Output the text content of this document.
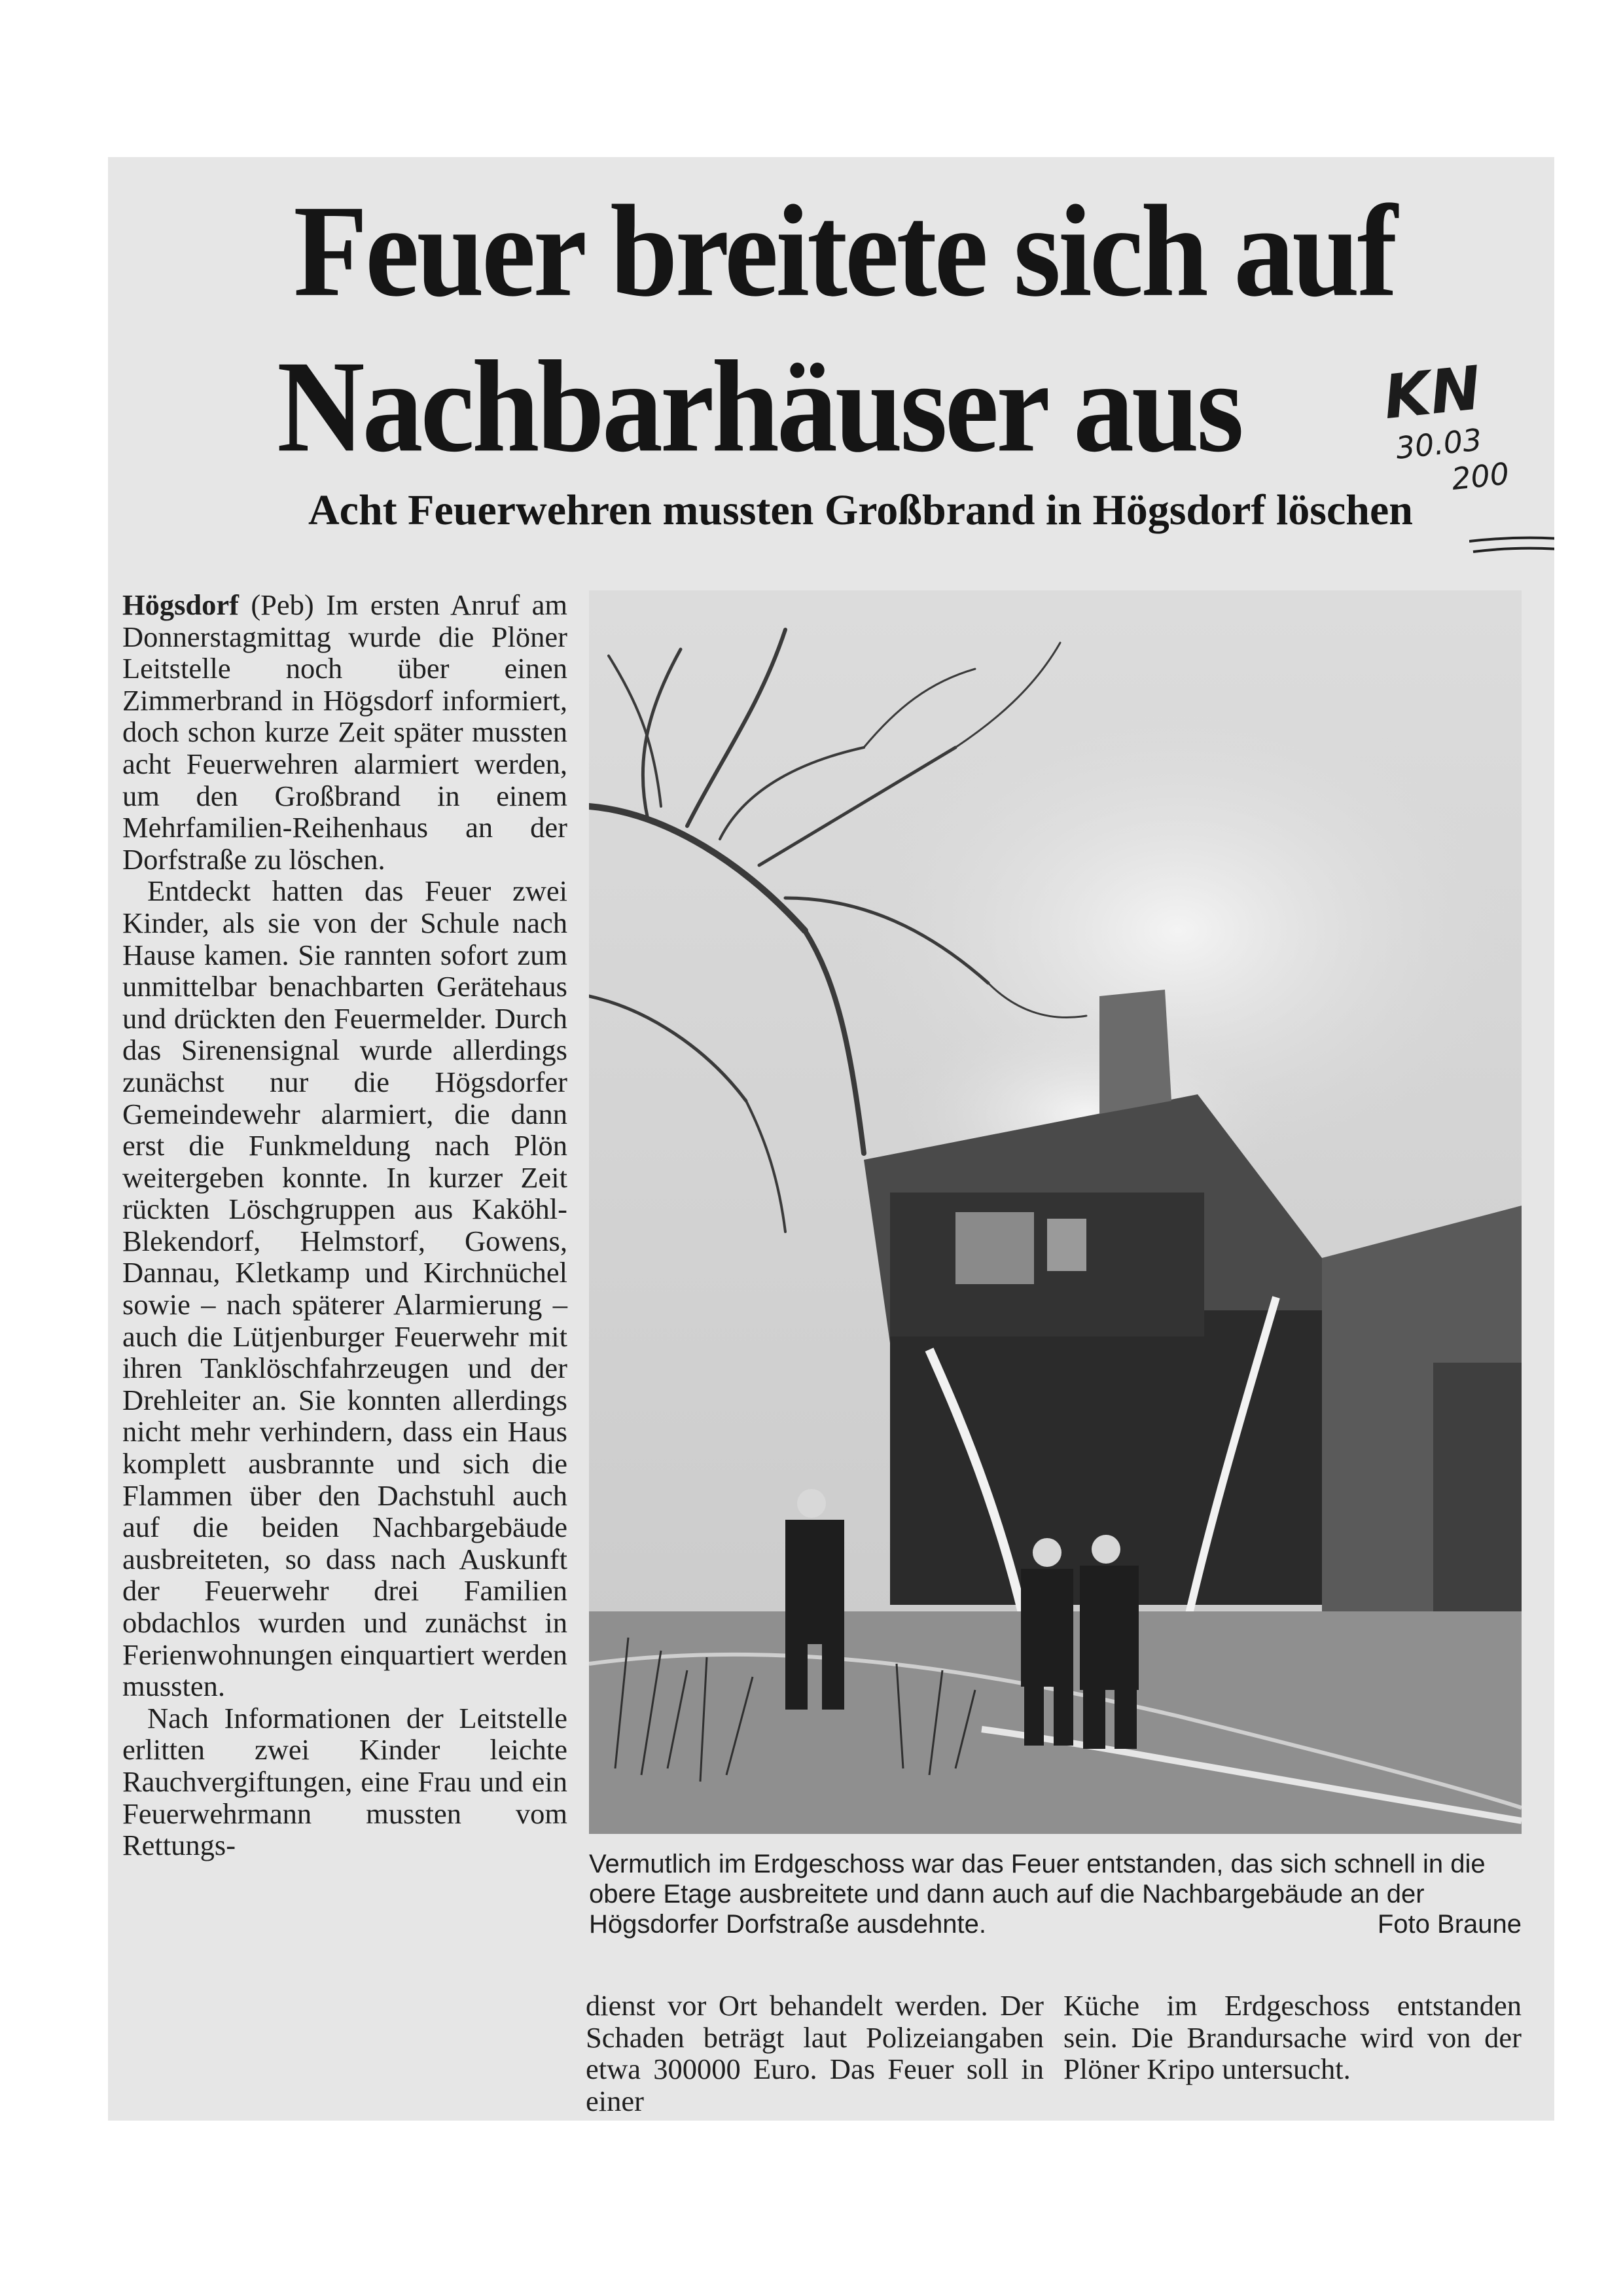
Feuer breitete sich auf

Nachbarhäuser aus	KN
30.03
200
Acht Feuerwehren mussten Großbrand in Högsdorf löschen

Högsdorf (Peb) Im ersten Anruf am Donnerstagmittag wurde die Plöner Leitstelle noch über einen Zimmerbrand in Högsdorf informiert, doch schon kurze Zeit später mussten acht Feuerwehren alarmiert werden, um den Großbrand in einem Mehrfamilien-Reihenhaus an der Dorfstraße zu löschen.

Entdeckt hatten das Feuer zwei Kinder, als sie von der Schule nach Hause kamen. Sie rannten sofort zum unmittelbar benachbarten Gerätehaus und drückten den Feuermelder. Durch das Sirenensignal wurde allerdings zunächst nur die Högsdorfer Gemeindewehr alarmiert, die dann erst die Funkmeldung nach Plön weitergeben konnte. In kurzer Zeit rückten Löschgruppen aus Kaköhl-Blekendorf, Helmstorf, Gowens, Dannau, Kletkamp und Kirchnüchel sowie – nach späterer Alarmierung – auch die Lütjenburger Feuerwehr mit ihren Tanklöschfahrzeugen und der Drehleiter an. Sie konnten allerdings nicht mehr verhindern, dass ein Haus komplett ausbrannte und sich die Flammen über den Dachstuhl auch auf die beiden Nachbargebäude ausbreiteten, so dass nach Auskunft der Feuerwehr drei Familien obdachlos wurden und zunächst in Ferienwohnungen einquartiert werden mussten.

Nach Informationen der Leitstelle erlitten zwei Kinder leichte Rauchvergiftungen, eine Frau und ein Feuerwehrmann mussten vom Rettungs-

Vermutlich im Erdgeschoss war das Feuer entstanden, das sich schnell in die obere Etage ausbreitete und dann auch auf die Nachbargebäude an der Högsdorfer Dorfstraße ausdehnte.	Foto Braune

dienst vor Ort behandelt werden. Der Schaden beträgt laut Polizeiangaben etwa 300000 Euro. Das Feuer soll in einer

Küche im Erdgeschoss entstanden sein. Die Brandursache wird von der Plöner Kripo untersucht.
